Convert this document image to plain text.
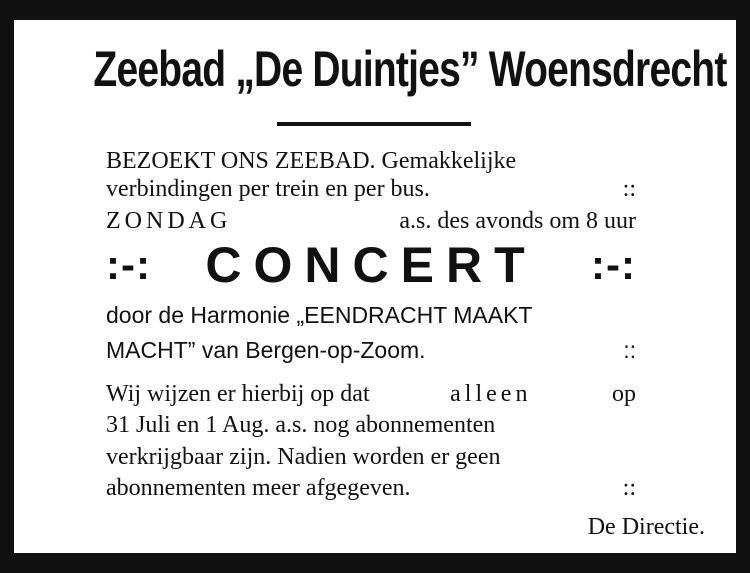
Zeebad „De Duintjes” Woensdrecht
BEZOEKT ONS ZEEBAD. Gemakkelijke
verbindingen per trein en per bus.	::
ZONDAG	a.s. des avonds om 8 uur
:-: CONCERT :-:
door de Harmonie „EENDRACHT MAAKT
MACHT” van Bergen-op-Zoom.	::
Wij wijzen er hierbij op dat	alleen	op
31 Juli en 1 Aug. a.s. nog abonnementen
verkrijgbaar zijn. Nadien worden er geen
abonnementen meer afgegeven.	::
De Directie.
